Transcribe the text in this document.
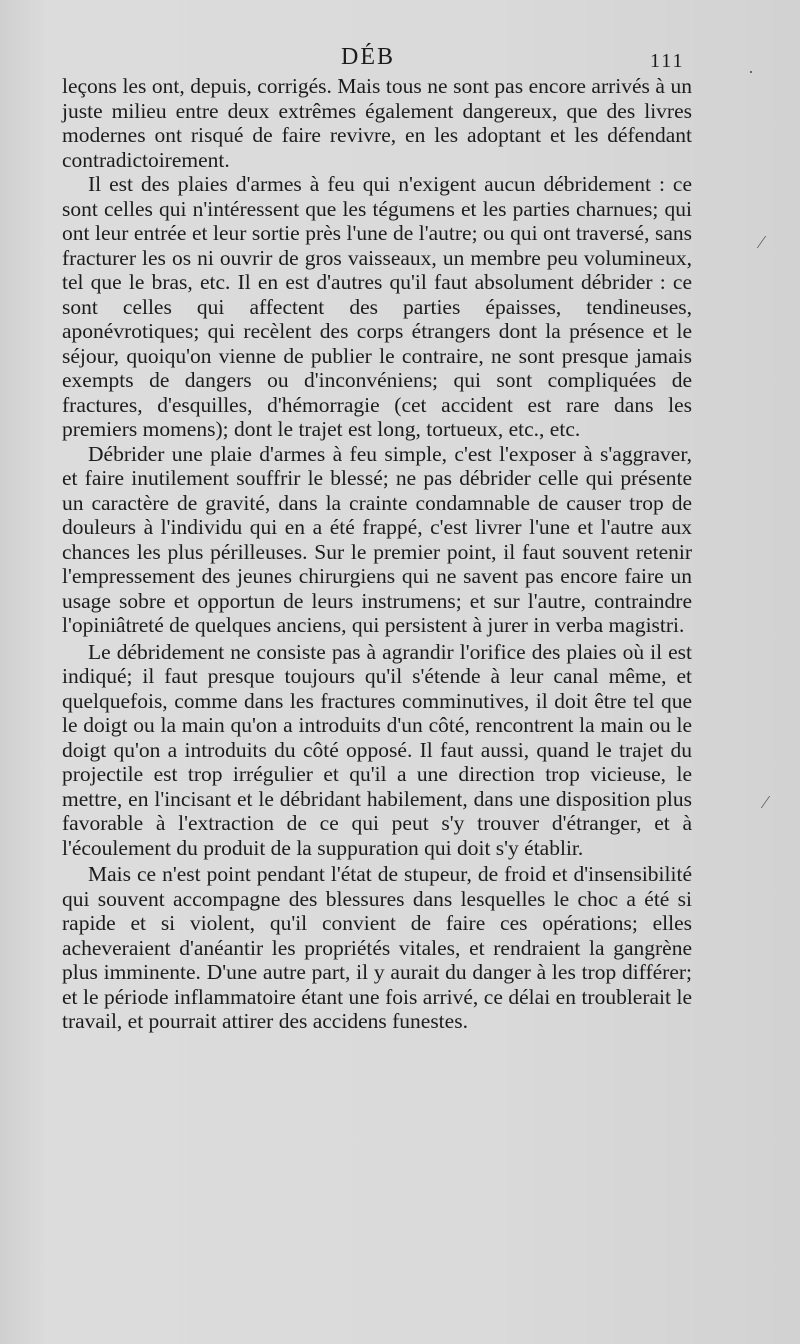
DÉB	111

leçons les ont, depuis, corrigés. Mais tous ne sont pas encore arrivés à un juste milieu entre deux extrêmes également dangereux, que des livres modernes ont risqué de faire revivre, en les adoptant et les défendant contradictoirement.

Il est des plaies d'armes à feu qui n'exigent aucun débridement : ce sont celles qui n'intéressent que les tégumens et les parties charnues; qui ont leur entrée et leur sortie près l'une de l'autre; ou qui ont traversé, sans fracturer les os ni ouvrir de gros vaisseaux, un membre peu volumineux, tel que le bras, etc. Il en est d'autres qu'il faut absolument débrider : ce sont celles qui affectent des parties épaisses, tendineuses, aponévrotiques; qui recèlent des corps étrangers dont la présence et le séjour, quoiqu'on vienne de publier le contraire, ne sont presque jamais exempts de dangers ou d'inconvéniens; qui sont compliquées de fractures, d'esquilles, d'hémorragie (cet accident est rare dans les premiers momens); dont le trajet est long, tortueux, etc., etc.

Débrider une plaie d'armes à feu simple, c'est l'exposer à s'aggraver, et faire inutilement souffrir le blessé; ne pas débrider celle qui présente un caractère de gravité, dans la crainte condamnable de causer trop de douleurs à l'individu qui en a été frappé, c'est livrer l'une et l'autre aux chances les plus périlleuses. Sur le premier point, il faut souvent retenir l'empressement des jeunes chirurgiens qui ne savent pas encore faire un usage sobre et opportun de leurs instrumens; et sur l'autre, contraindre l'opiniâtreté de quelques anciens, qui persistent à jurer in verba magistri.

Le débridement ne consiste pas à agrandir l'orifice des plaies où il est indiqué; il faut presque toujours qu'il s'étende à leur canal même, et quelquefois, comme dans les fractures comminutives, il doit être tel que le doigt ou la main qu'on a introduits d'un côté, rencontrent la main ou le doigt qu'on a introduits du côté opposé. Il faut aussi, quand le trajet du projectile est trop irrégulier et qu'il a une direction trop vicieuse, le mettre, en l'incisant et le débridant habilement, dans une disposition plus favorable à l'extraction de ce qui peut s'y trouver d'étranger, et à l'écoulement du produit de la suppuration qui doit s'y établir.

Mais ce n'est point pendant l'état de stupeur, de froid et d'insensibilité qui souvent accompagne des blessures dans lesquelles le choc a été si rapide et si violent, qu'il convient de faire ces opérations; elles acheveraient d'anéantir les propriétés vitales, et rendraient la gangrène plus imminente. D'une autre part, il y aurait du danger à les trop différer; et le période inflammatoire étant une fois arrivé, ce délai en troublerait le travail, et pourrait attirer des accidens funestes.

·
⁄
⁄
